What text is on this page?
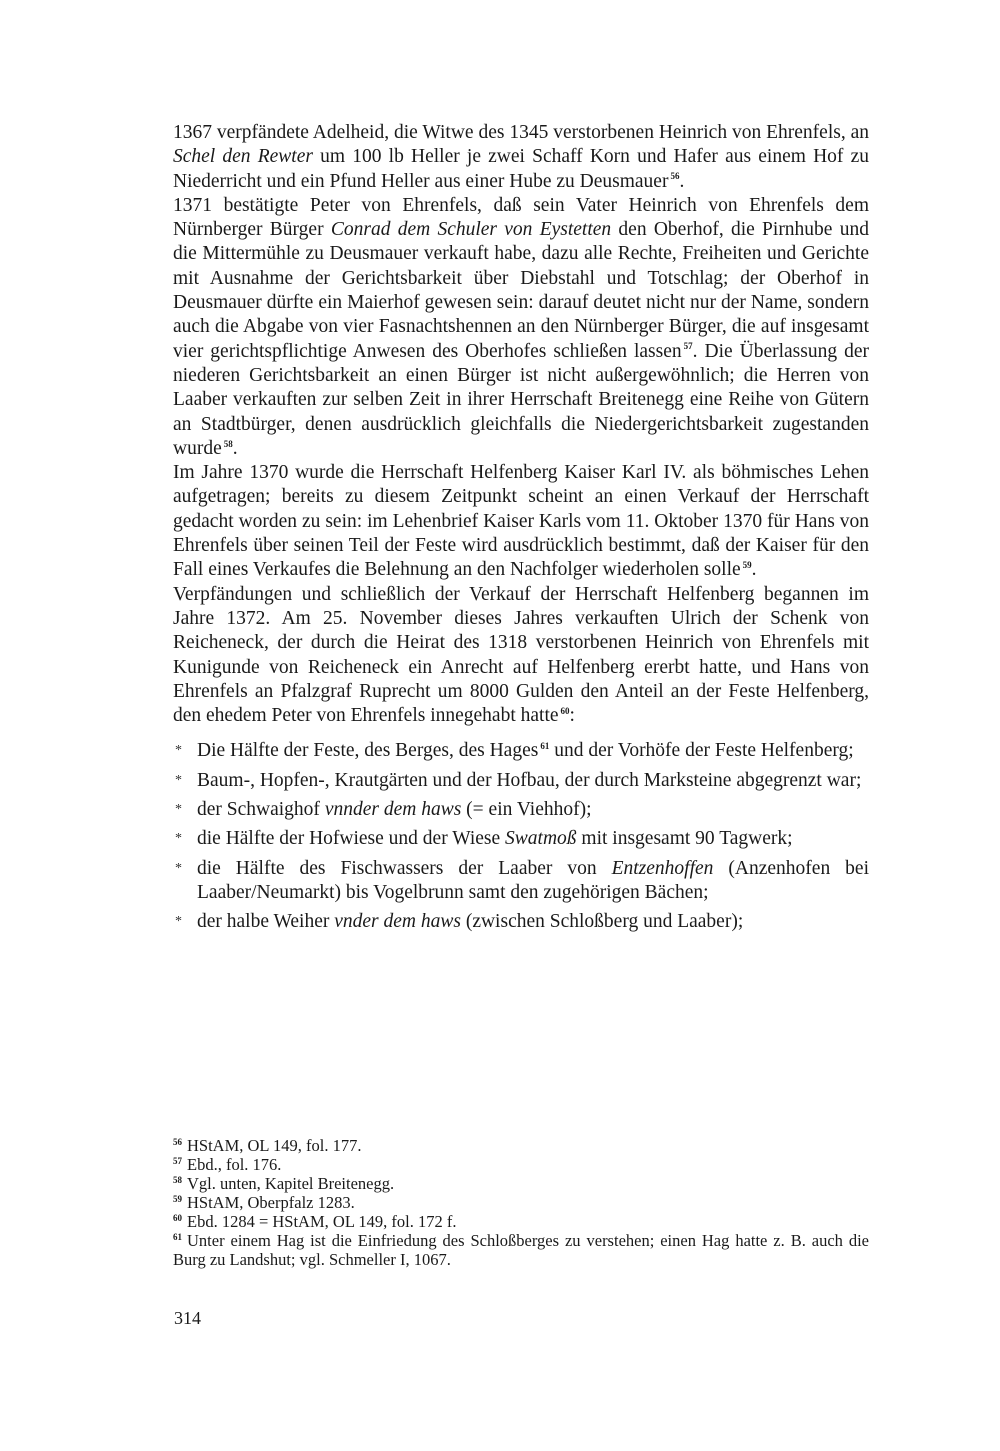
1367 verpfändete Adelheid, die Witwe des 1345 verstorbenen Heinrich von Ehrenfels, an Schel den Rewter um 100 lb Heller je zwei Schaff Korn und Hafer aus einem Hof zu Niederricht und ein Pfund Heller aus einer Hube zu Deusmauer $^{56}$.

1371 bestätigte Peter von Ehrenfels, daß sein Vater Heinrich von Ehrenfels dem Nürnberger Bürger Conrad dem Schuler von Eystetten den Oberhof, die Pirnhube und die Mittermühle zu Deusmauer verkauft habe, dazu alle Rechte, Freiheiten und Gerichte mit Ausnahme der Gerichtsbarkeit über Diebstahl und Totschlag; der Oberhof in Deusmauer dürfte ein Maierhof gewesen sein: darauf deutet nicht nur der Name, sondern auch die Abgabe von vier Fasnachtshennen an den Nürnberger Bürger, die auf insgesamt vier gerichtspflichtige Anwesen des Oberhofes schließen lassen $^{57}$. Die Überlassung der niederen Gerichtsbarkeit an einen Bürger ist nicht außergewöhnlich; die Herren von Laaber verkauften zur selben Zeit in ihrer Herrschaft Breitenegg eine Reihe von Gütern an Stadtbürger, denen ausdrücklich gleichfalls die Niedergerichtsbarkeit zugestanden wurde $^{58}$.

Im Jahre 1370 wurde die Herrschaft Helfenberg Kaiser Karl IV. als böhmisches Lehen aufgetragen; bereits zu diesem Zeitpunkt scheint an einen Verkauf der Herrschaft gedacht worden zu sein: im Lehenbrief Kaiser Karls vom 11. Oktober 1370 für Hans von Ehrenfels über seinen Teil der Feste wird ausdrücklich bestimmt, daß der Kaiser für den Fall eines Verkaufes die Belehnung an den Nachfolger wiederholen solle $^{59}$.

Verpfändungen und schließlich der Verkauf der Herrschaft Helfenberg begannen im Jahre 1372. Am 25. November dieses Jahres verkauften Ulrich der Schenk von Reicheneck, der durch die Heirat des 1318 verstorbenen Heinrich von Ehrenfels mit Kunigunde von Reicheneck ein Anrecht auf Helfenberg ererbt hatte, und Hans von Ehrenfels an Pfalzgraf Ruprecht um 8000 Gulden den Anteil an der Feste Helfenberg, den ehedem Peter von Ehrenfels innegehabt hatte $^{60}$:

* Die Hälfte der Feste, des Berges, des Hages $^{61}$ und der Vorhöfe der Feste Helfenberg;
* Baum-, Hopfen-, Krautgärten und der Hofbau, der durch Marksteine abgegrenzt war;
* der Schwaighof vnnder dem haws (= ein Viehhof);
* die Hälfte der Hofwiese und der Wiese Swatmoß mit insgesamt 90 Tagwerk;
* die Hälfte des Fischwassers der Laaber von Entzenhoffen (Anzenhofen bei Laaber/Neumarkt) bis Vogelbrunn samt den zugehörigen Bächen;
* der halbe Weiher vnder dem haws (zwischen Schloßberg und Laaber);

$^{56}$ HStAM, OL 149, fol. 177.

$^{57}$ Ebd., fol. 176.

$^{58}$ Vgl. unten, Kapitel Breitenegg.

$^{59}$ HStAM, Oberpfalz 1283.

$^{60}$ Ebd. 1284 = HStAM, OL 149, fol. 172 f.

$^{61}$ Unter einem Hag ist die Einfriedung des Schloßberges zu verstehen; einen Hag hatte z. B. auch die Burg zu Landshut; vgl. Schmeller I, 1067.

314
